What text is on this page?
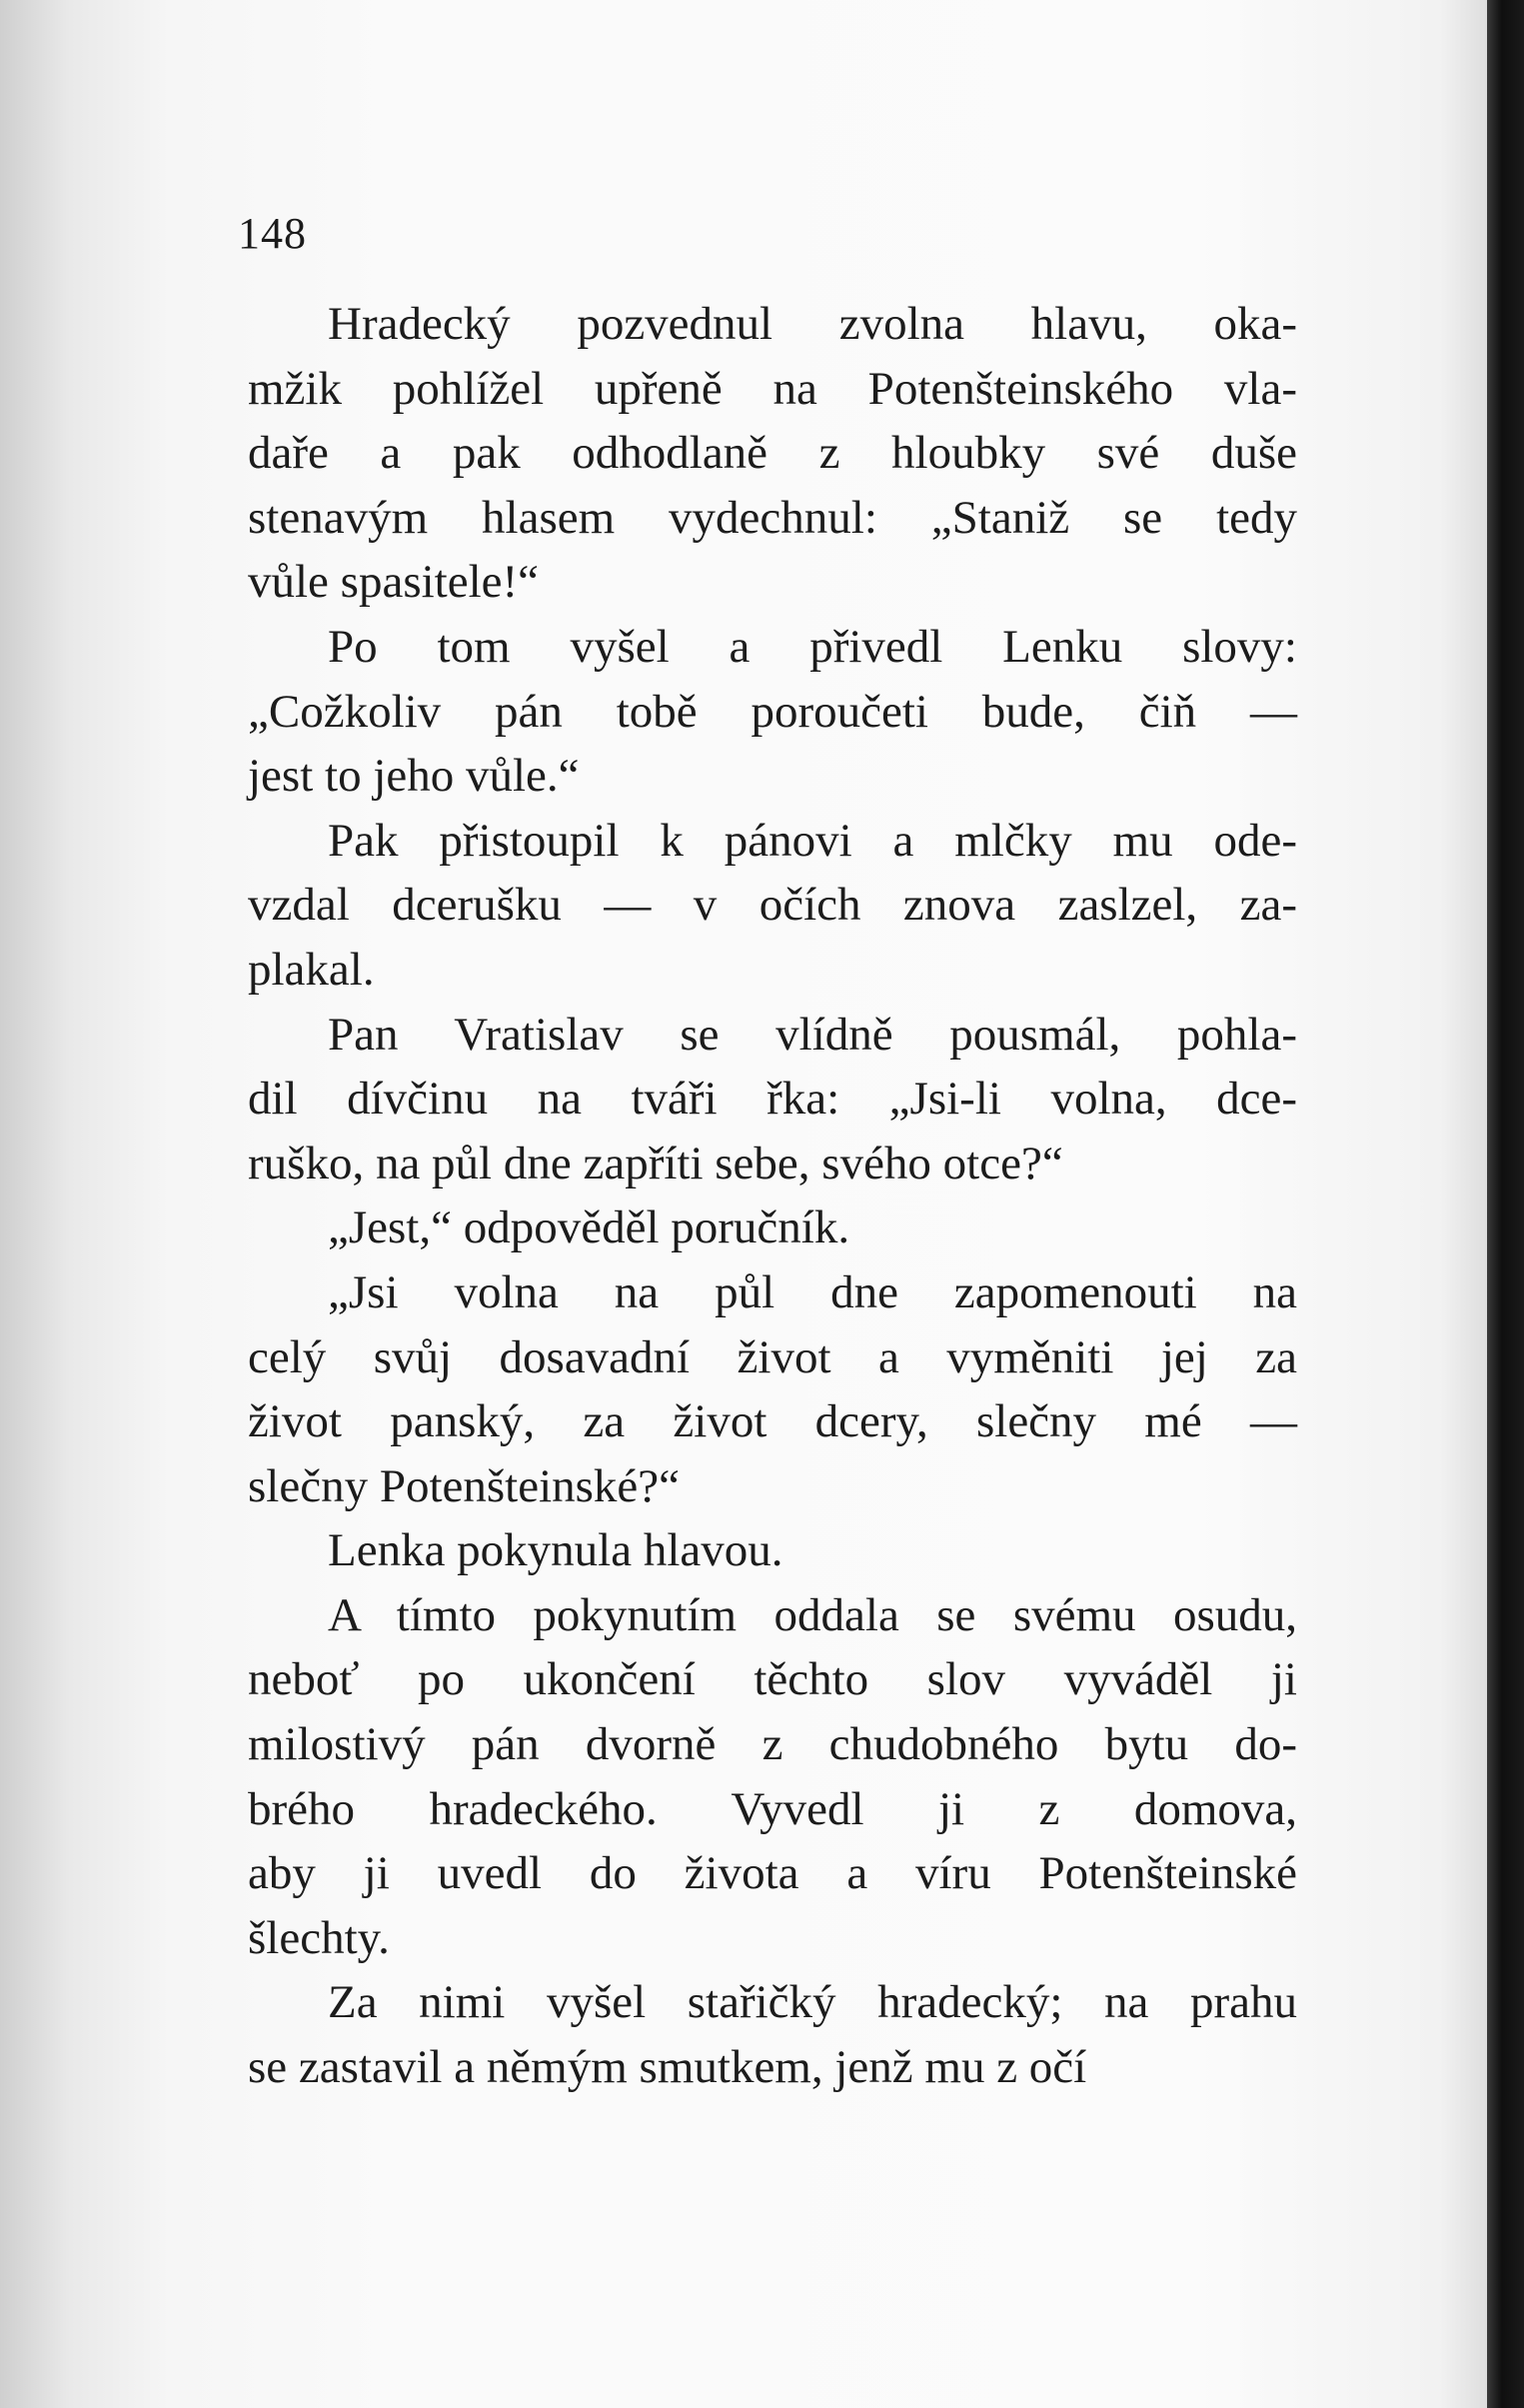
148
Hradecký pozvednul zvolna hlavu, oka-
mžik pohlížel upřeně na Potenšteinského vla-
daře a pak odhodlaně z hloubky své duše
stenavým hlasem vydechnul: „Staniž se tedy
vůle spasitele!“
Po tom vyšel a přivedl Lenku slovy:
„Cožkoliv pán tobě poroučeti bude, čiň —
jest to jeho vůle.“
Pak přistoupil k pánovi a mlčky mu ode-
vzdal dcerušku — v očích znova zaslzel, za-
plakal.
Pan Vratislav se vlídně pousmál, pohla-
dil dívčinu na tváři řka: „Jsi-li volna, dce-
ruško, na půl dne zapříti sebe, svého otce?“
„Jest,“ odpověděl poručník.
„Jsi volna na půl dne zapomenouti na
celý svůj dosavadní život a vyměniti jej za
život panský, za život dcery, slečny mé —
slečny Potenšteinské?“
Lenka pokynula hlavou.
A tímto pokynutím oddala se svému osudu,
neboť po ukončení těchto slov vyváděl ji
milostivý pán dvorně z chudobného bytu do-
brého hradeckého. Vyvedl ji z domova,
aby ji uvedl do života a víru Potenšteinské
šlechty.
Za nimi vyšel stařičký hradecký; na prahu
se zastavil a němým smutkem, jenž mu z očí
